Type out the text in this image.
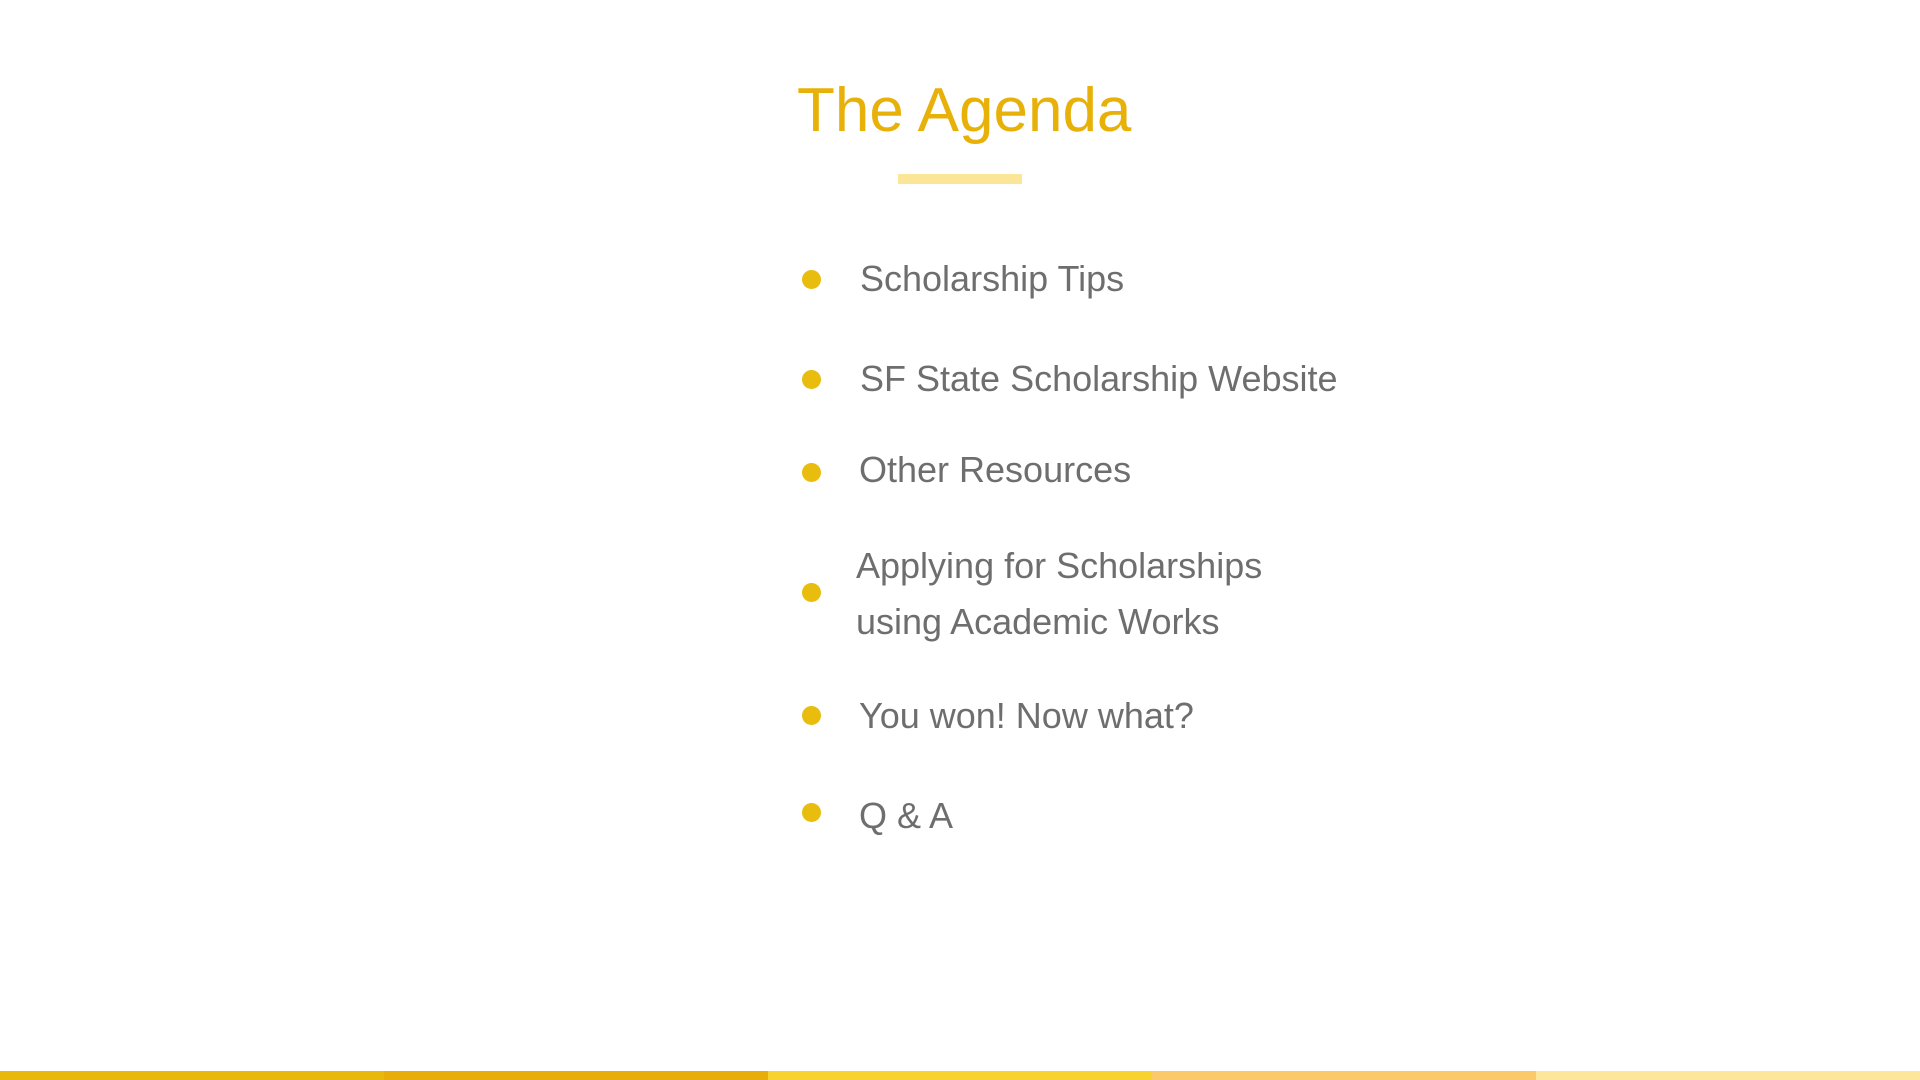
The Agenda
Scholarship Tips
SF State Scholarship Website
Other Resources
Applying for Scholarships
using Academic Works
You won! Now what?
Q & A
